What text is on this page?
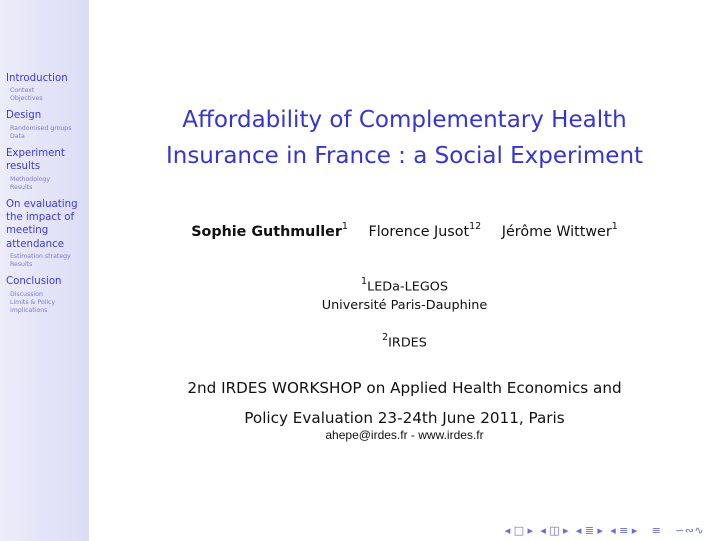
Introduction
Context
Objectives
Design
Randomised groups
Data
Experiment results
Methodology
Results
On evaluating the impact of meeting attendance
Estimation strategy
Results
Conclusion
Discussion
Limits & Policy implications
Affordability of Complementary Health
Insurance in France : a Social Experiment
Sophie Guthmuller$^1$ Florence Jusot$^{12}$ Jérôme Wittwer$^1$
$^1$LEDa-LEGOS
Université Paris-Dauphine
$^2$IRDES
2nd IRDES WORKSHOP on Applied Health Economics and
Policy Evaluation 23-24th June 2011, Paris
ahepe@irdes.fr - www.irdes.fr
◂ □ ▸ ◂ ◫ ▸ ◂ ≣ ▸ ◂ ≡ ▸ ≡ ∽∾∿
